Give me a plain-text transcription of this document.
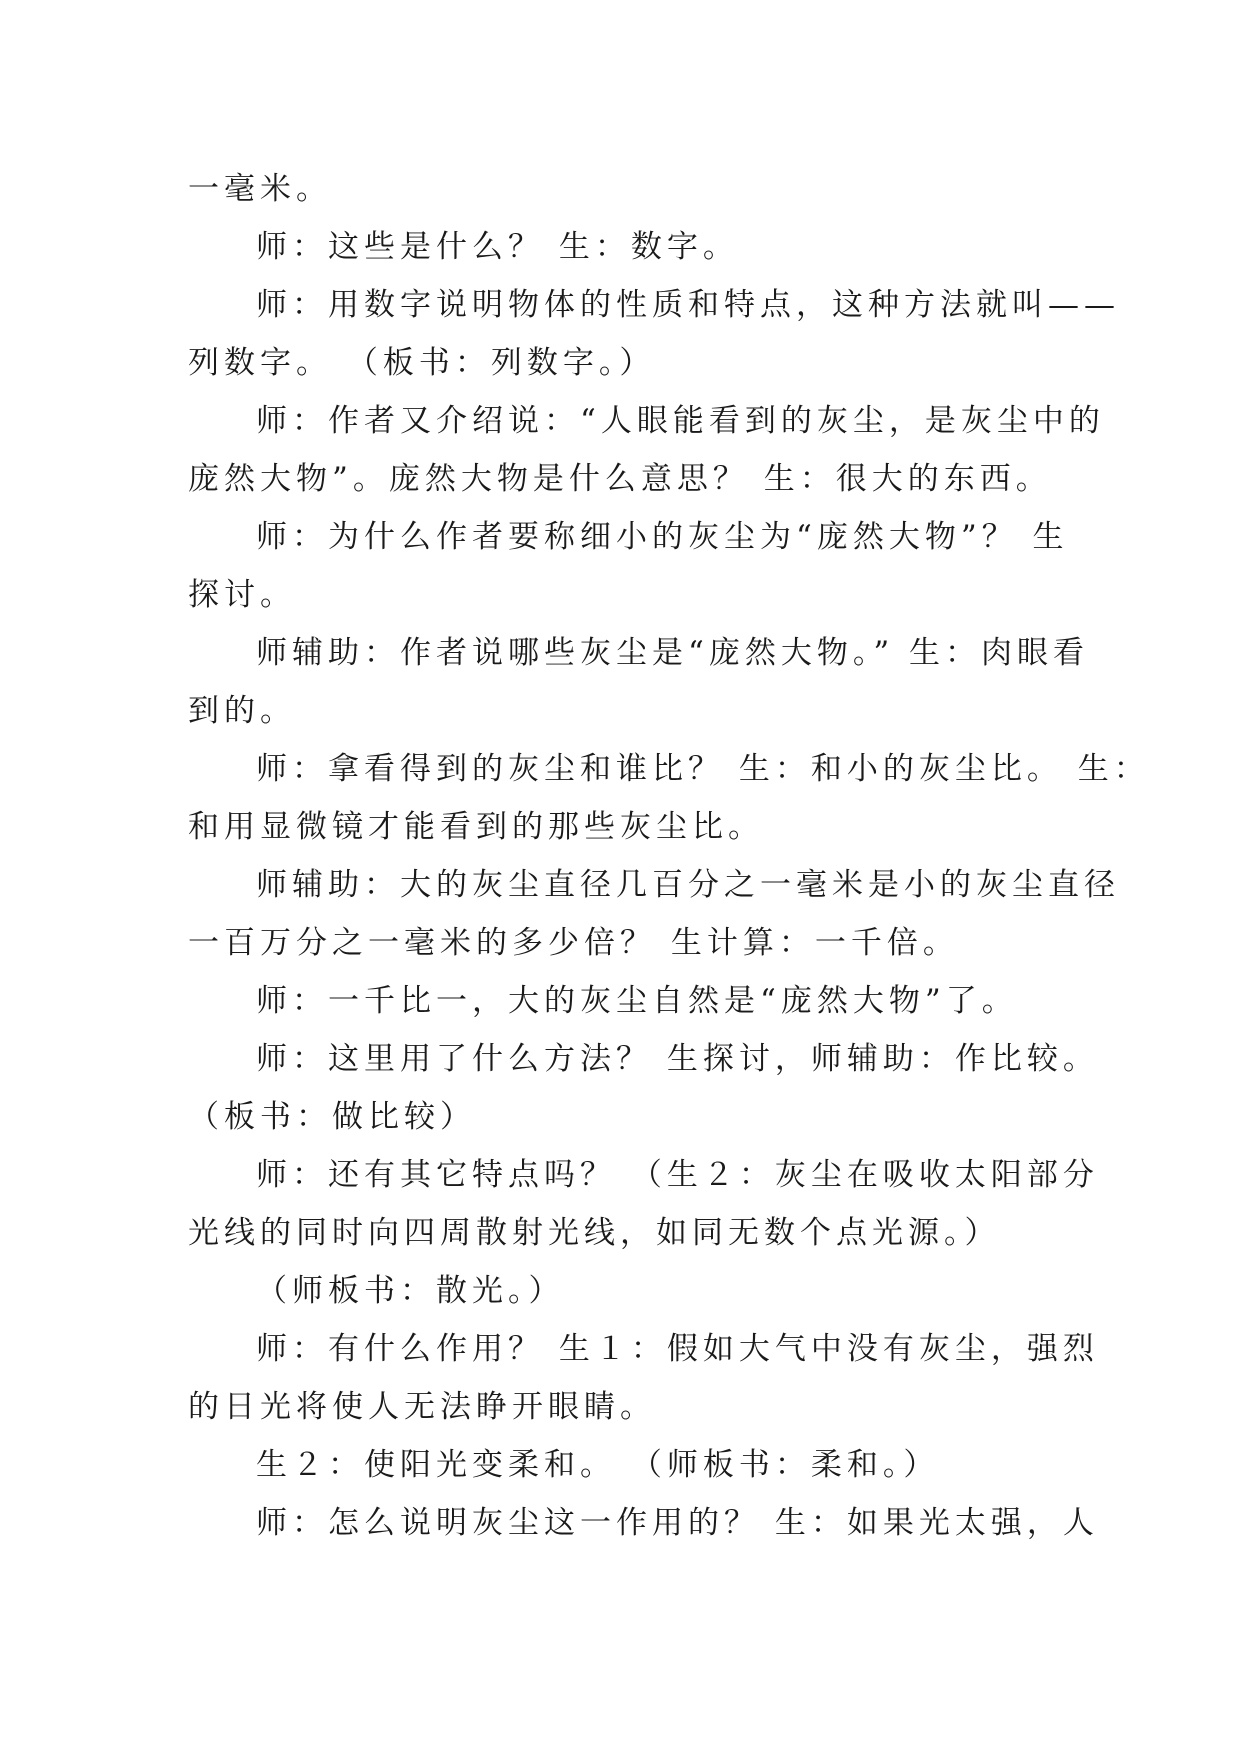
一毫米。
师：这些是什么？ 生：数字。
师：用数字说明物体的性质和特点，这种方法就叫——
列数字。 （板书：列数字。）
师：作者又介绍说：“人眼能看到的灰尘，是灰尘中的
庞然大物”。庞然大物是什么意思？ 生：很大的东西。
师：为什么作者要称细小的灰尘为“庞然大物”？ 生
探讨。
师辅助：作者说哪些灰尘是“庞然大物。” 生：肉眼看
到的。
师：拿看得到的灰尘和谁比？ 生：和小的灰尘比。 生：
和用显微镜才能看到的那些灰尘比。
师辅助：大的灰尘直径几百分之一毫米是小的灰尘直径
一百万分之一毫米的多少倍？ 生计算：一千倍。
师：一千比一，大的灰尘自然是“庞然大物”了。
师：这里用了什么方法？ 生探讨，师辅助：作比较。
（板书：做比较）
师：还有其它特点吗？ （生２：灰尘在吸收太阳部分
光线的同时向四周散射光线，如同无数个点光源。）
（师板书：散光。）
师：有什么作用？ 生１：假如大气中没有灰尘，强烈
的日光将使人无法睁开眼睛。
生２：使阳光变柔和。 （师板书：柔和。）
师：怎么说明灰尘这一作用的？ 生：如果光太强，人
